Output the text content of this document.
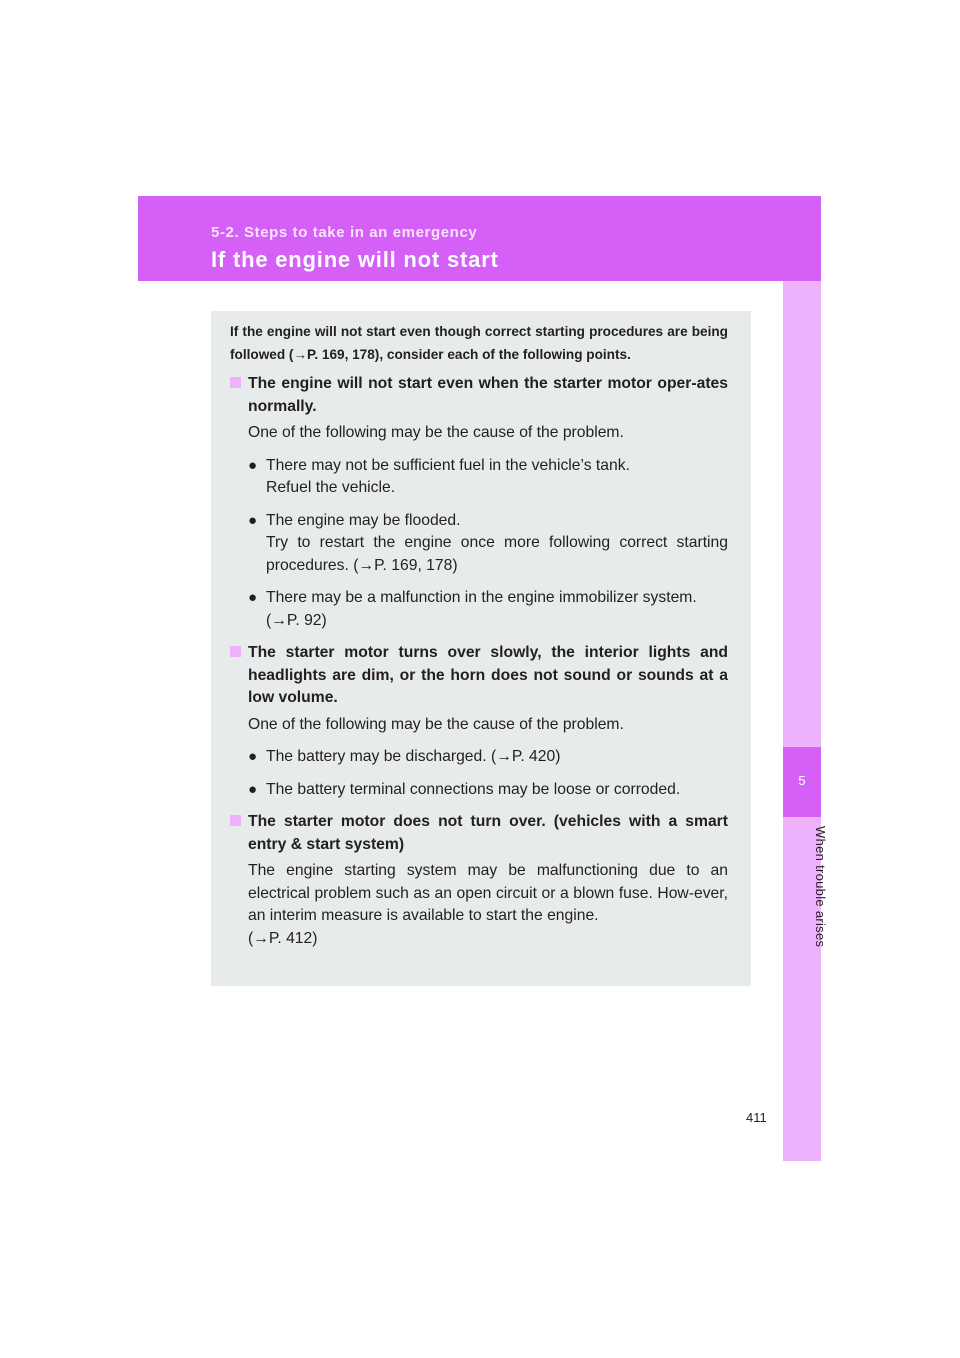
5-2. Steps to take in an emergency
If the engine will not start
5
When trouble arises

If the engine will not start even though correct starting procedures are being followed (→P. 169, 178), consider each of the following points.

The engine will not start even when the starter motor oper-ates normally.

One of the following may be the cause of the problem.

● There may not be sufficient fuel in the vehicle’s tank.

Refuel the vehicle.

● The engine may be flooded.

Try to restart the engine once more following correct starting procedures. (→P. 169, 178)

● There may be a malfunction in the engine immobilizer system.

(→P. 92)

The starter motor turns over slowly, the interior lights and headlights are dim, or the horn does not sound or sounds at a low volume.

One of the following may be the cause of the problem.

● The battery may be discharged. (→P. 420)

● The battery terminal connections may be loose or corroded.

The starter motor does not turn over. (vehicles with a smart entry & start system)

The engine starting system may be malfunctioning due to an electrical problem such as an open circuit or a blown fuse. How-ever, an interim measure is available to start the engine.

(→P. 412)

411
